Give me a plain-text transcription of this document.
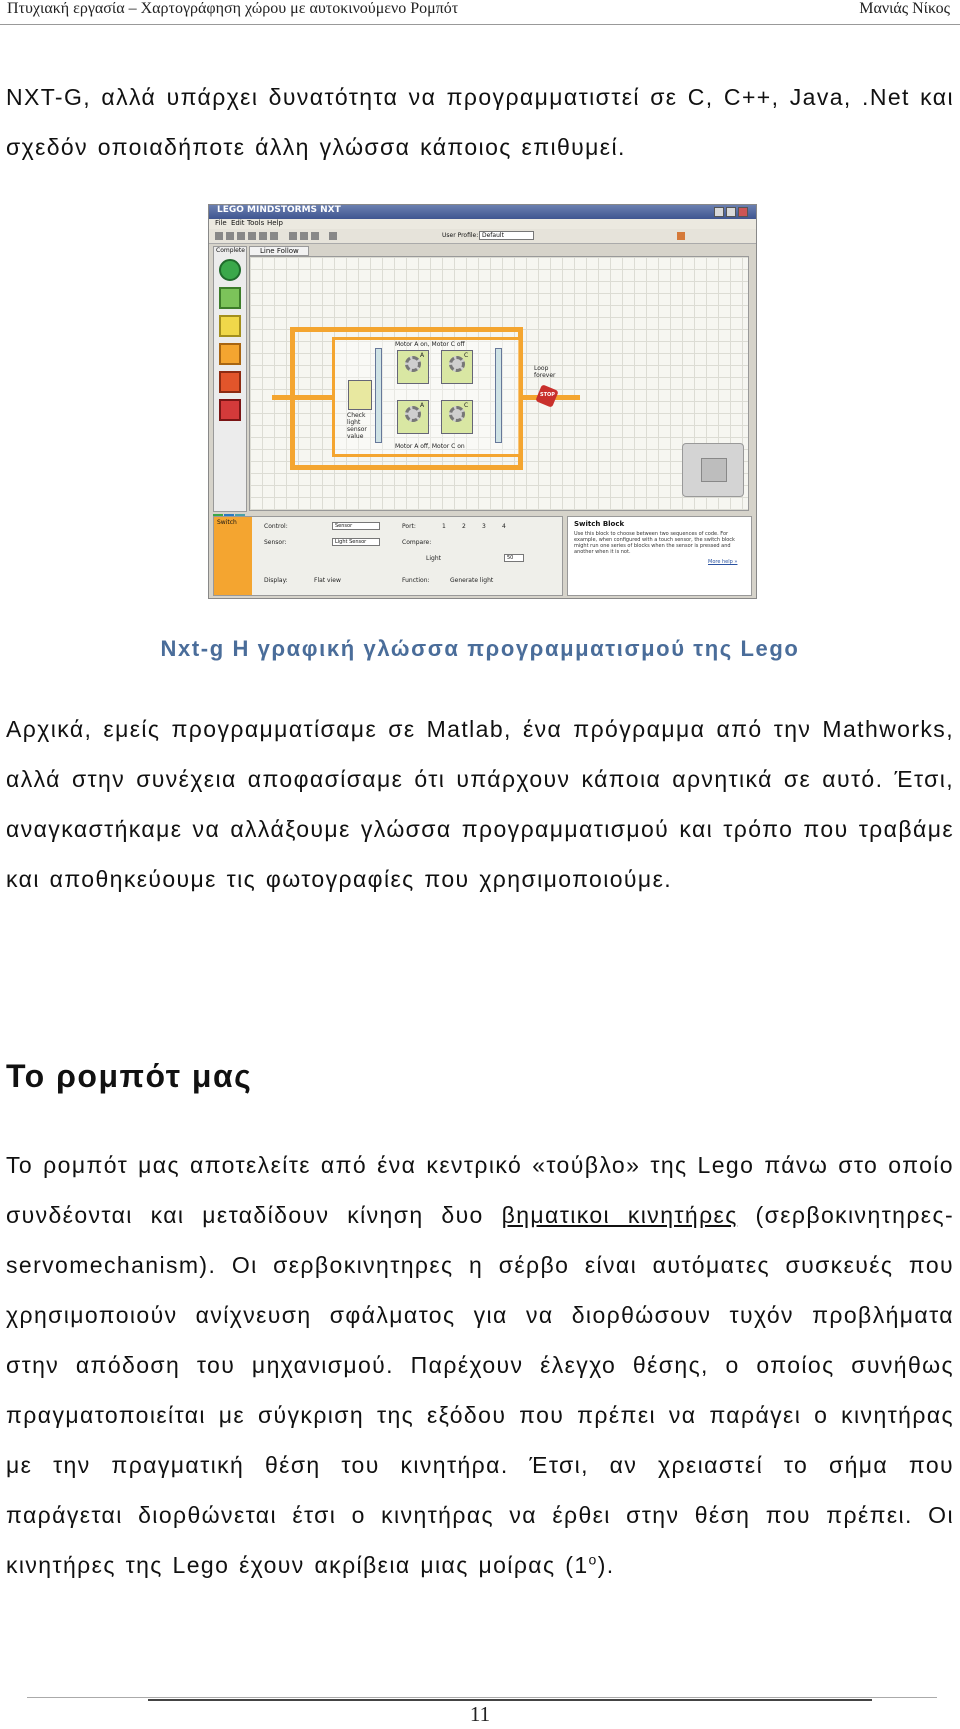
Πτυχιακή εργασία – Χαρτογράφηση χώρου με αυτοκινούμενο Ρομπότ	Μανιάς Νίκος

NXT-G, αλλά υπάρχει δυνατότητα να προγραμματιστεί σε C, C++, Java, .Net και σχεδόν οποιαδήποτε άλλη γλώσσα κάποιος επιθυμεί.

LEGO MINDSTORMS NXT
File Edit Tools Help
User Profile: Default
Complete	Line Follow
Motor A on, Motor C off
A	C
A	C
Motor A off, Motor C on
Check light sensor value
Loop forever
STOP
Switch
Control:	Sensor
Sensor:	Light Sensor
Port:	1	2	3	4
Compare:
Light	50
Display:	Flat view	Function:	Generate light
Switch Block
Use this block to choose between two sequences of code. For example, when configured with a touch sensor, the switch block might run one series of blocks when the sensor is pressed and another when it is not.
More help »
Nxt-g Η γραφική γλώσσα προγραμματισμού της Lego

Αρχικά, εμείς προγραμματίσαμε σε Matlab, ένα πρόγραμμα από την Mathworks, αλλά στην συνέχεια αποφασίσαμε ότι υπάρχουν κάποια αρνητικά σε αυτό. Έτσι, αναγκαστήκαμε να αλλάξουμε γλώσσα προγραμματισμού και τρόπο που τραβάμε και αποθηκεύουμε τις φωτογραφίες που χρησιμοποιούμε.

Το ρομπότ μας

Το ρομπότ μας αποτελείτε από ένα κεντρικό «τούβλο» της Lego πάνω στο οποίο συνδέονται και μεταδίδουν κίνηση δυο βηματικοι κινητήρες (σερβοκινητηρες-servomechanism). Οι σερβοκινητηρες η σέρβο είναι αυτόματες συσκευές που χρησιμοποιούν ανίχνευση σφάλματος για να διορθώσουν τυχόν προβλήματα στην απόδοση του μηχανισμού. Παρέχουν έλεγχο θέσης, ο οποίος συνήθως πραγματοποιείται με σύγκριση της εξόδου που πρέπει να παράγει ο κινητήρας με την πραγματική θέση του κινητήρα. Έτσι, αν χρειαστεί το σήμα που παράγεται διορθώνεται έτσι ο κινητήρας να έρθει στην θέση που πρέπει. Οι κινητήρες της Lego έχουν ακρίβεια μιας μοίρας $(1^o)$.

11
